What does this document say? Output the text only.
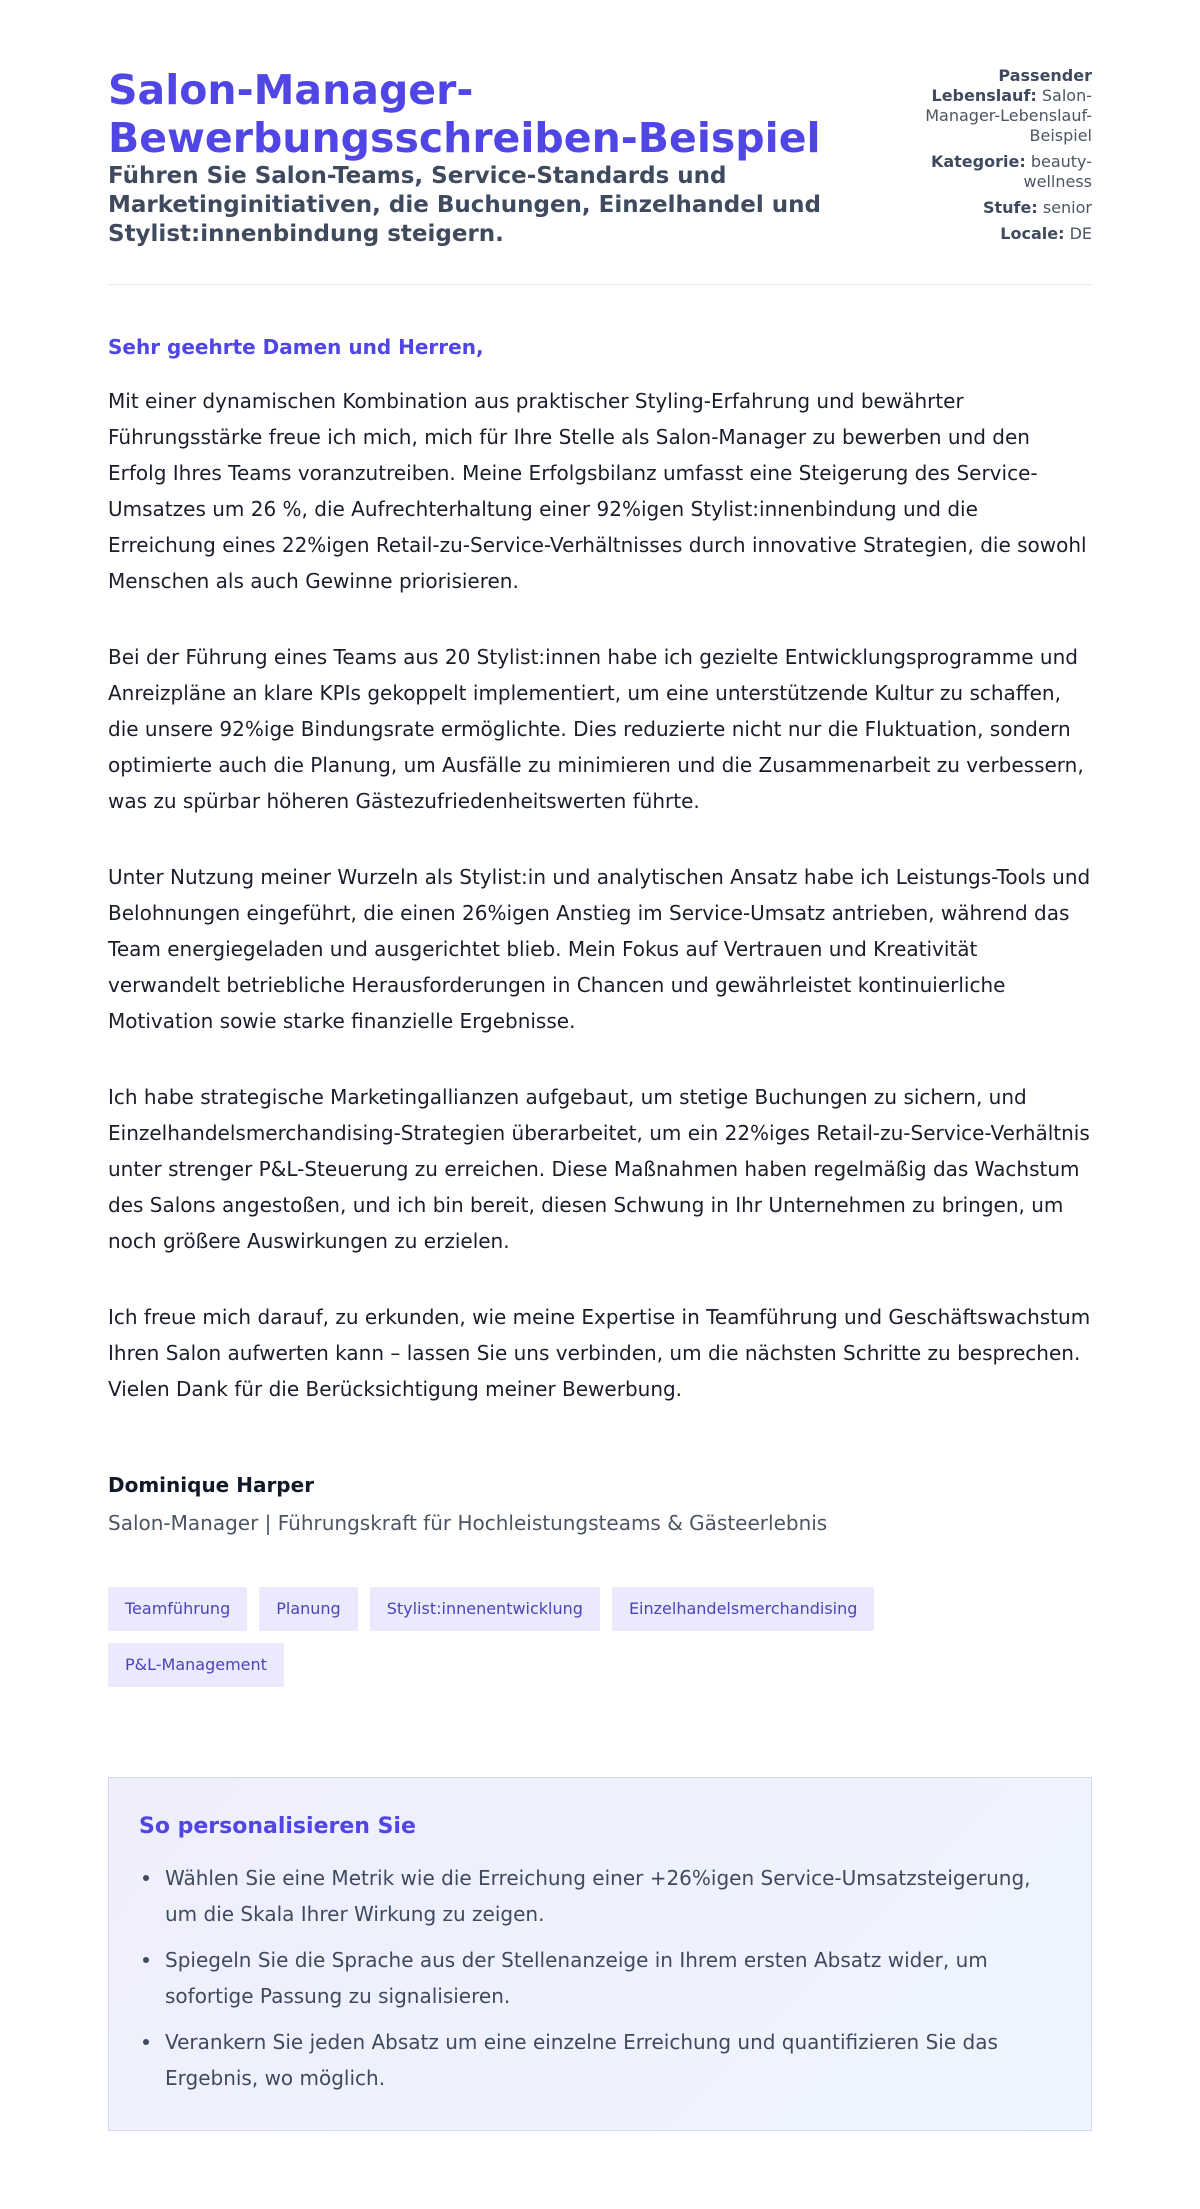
Salon-Manager-Bewerbungsschreiben-Beispiel
Führen Sie Salon-Teams, Service-Standards und Marketinginitiativen, die Buchungen, Einzelhandel und Stylist:innenbindung steigern.
Passender Lebenslauf: Salon-Manager-Lebenslauf-Beispiel
Kategorie: beauty-wellness
Stufe: senior
Locale: DE

Sehr geehrte Damen und Herren,

Mit einer dynamischen Kombination aus praktischer Styling-Erfahrung und bewährter Führungsstärke freue ich mich, mich für Ihre Stelle als Salon-Manager zu bewerben und den Erfolg Ihres Teams voranzutreiben. Meine Erfolgsbilanz umfasst eine Steigerung des Service-Umsatzes um 26 %, die Aufrechterhaltung einer 92%igen Stylist:innenbindung und die Erreichung eines 22%igen Retail-zu-Service-Verhältnisses durch innovative Strategien, die sowohl Menschen als auch Gewinne priorisieren.

Bei der Führung eines Teams aus 20 Stylist:innen habe ich gezielte Entwicklungsprogramme und Anreizpläne an klare KPIs gekoppelt implementiert, um eine unterstützende Kultur zu schaffen, die unsere 92%ige Bindungsrate ermöglichte. Dies reduzierte nicht nur die Fluktuation, sondern optimierte auch die Planung, um Ausfälle zu minimieren und die Zusammenarbeit zu verbessern, was zu spürbar höheren Gästezufriedenheitswerten führte.

Unter Nutzung meiner Wurzeln als Stylist:in und analytischen Ansatz habe ich Leistungs-Tools und Belohnungen eingeführt, die einen 26%igen Anstieg im Service-Umsatz antrieben, während das Team energiegeladen und ausgerichtet blieb. Mein Fokus auf Vertrauen und Kreativität verwandelt betriebliche Herausforderungen in Chancen und gewährleistet kontinuierliche Motivation sowie starke finanzielle Ergebnisse.

Ich habe strategische Marketingallianzen aufgebaut, um stetige Buchungen zu sichern, und Einzelhandelsmerchandising-Strategien überarbeitet, um ein 22%iges Retail-zu-Service-Verhältnis unter strenger P&L-Steuerung zu erreichen. Diese Maßnahmen haben regelmäßig das Wachstum des Salons angestoßen, und ich bin bereit, diesen Schwung in Ihr Unternehmen zu bringen, um noch größere Auswirkungen zu erzielen.

Ich freue mich darauf, zu erkunden, wie meine Expertise in Teamführung und Geschäftswachstum Ihren Salon aufwerten kann – lassen Sie uns verbinden, um die nächsten Schritte zu besprechen. Vielen Dank für die Berücksichtigung meiner Bewerbung.

Dominique Harper
Salon-Manager | Führungskraft für Hochleistungsteams & Gästeerlebnis
Teamführung	Planung	Stylist:innenentwicklung	Einzelhandelsmerchandising
P&L-Management
So personalisieren Sie
Wählen Sie eine Metrik wie die Erreichung einer +26%igen Service-Umsatzsteigerung, um die Skala Ihrer Wirkung zu zeigen.
Spiegeln Sie die Sprache aus der Stellenanzeige in Ihrem ersten Absatz wider, um sofortige Passung zu signalisieren.
Verankern Sie jeden Absatz um eine einzelne Erreichung und quantifizieren Sie das Ergebnis, wo möglich.
